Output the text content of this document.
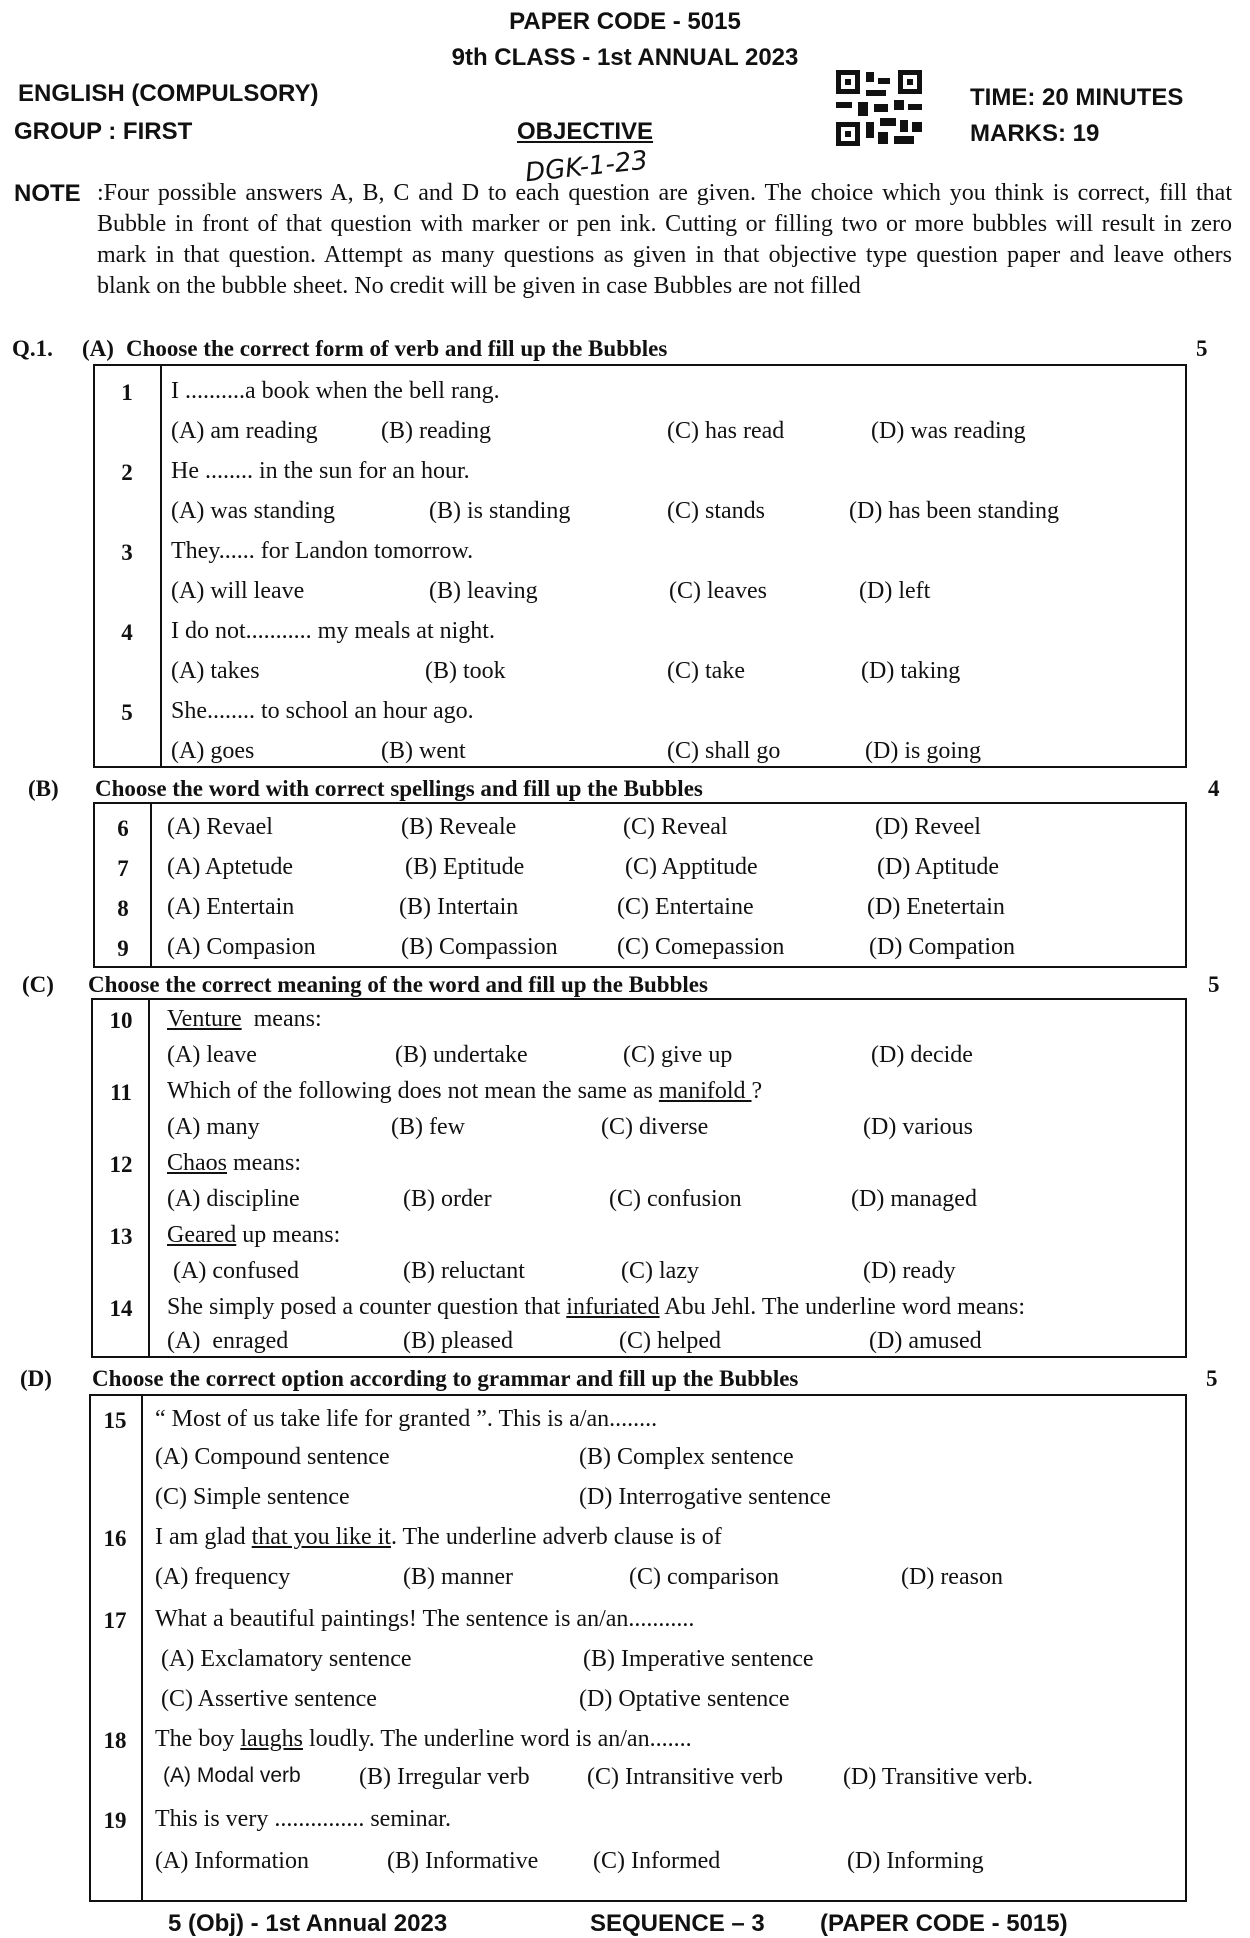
PAPER CODE - 5015
9th CLASS - 1st ANNUAL 2023
ENGLISH (COMPULSORY)
GROUP : FIRST	OBJECTIVE
TIME: 20 MINUTES
MARKS: 19
DGK-1-23
NOTE :Four possible answers A, B, C and D to each question are given. The choice which you think is correct, fill that Bubble in front of that question with marker or pen ink. Cutting or filling two or more bubbles will result in zero mark in that question. Attempt as many questions as given in that objective type question paper and leave others blank on the bubble sheet. No credit will be given in case Bubbles are not filled
Q.1. (A) Choose the correct form of verb and fill up the Bubbles	5
1	I ..........a book when the bell rang.
(A) am reading	(B) reading	(C) has read	(D) was reading
2	He ........ in the sun for an hour.
(A) was standing	(B) is standing	(C) stands	(D) has been standing
3	They...... for Landon tomorrow.
(A) will leave	(B) leaving	(C) leaves	(D) left
4	I do not........... my meals at night.
(A) takes	(B) took	(C) take	(D) taking
5	She........ to school an hour ago.
(A) goes	(B) went	(C) shall go	(D) is going
(B) Choose the word with correct spellings and fill up the Bubbles	4
6	(A) Revael	(B) Reveale	(C) Reveal	(D) Reveel
7	(A) Aptetude	(B) Eptitude	(C) Apptitude	(D) Aptitude
8	(A) Entertain	(B) Intertain	(C) Entertaine	(D) Enetertain
9	(A) Compasion	(B) Compassion (C) Comepassion	(D) Compation
(C) Choose the correct meaning of the word and fill up the Bubbles	5
10 Venture  means:
(A) leave	(B) undertake	(C) give up	(D) decide
11 Which of the following does not mean the same as manifold ?
(A) many	(B) few	(C) diverse	(D) various
12 Chaos means:
(A) discipline	(B) order	(C) confusion	(D) managed
13 Geared up means:
(A) confused	(B) reluctant	(C) lazy	(D) ready
14 She simply posed a counter question that infuriated Abu Jehl. The underline word means:
(A)  enraged	(B) pleased	(C) helped	(D) amused
(D) Choose the correct option according to grammar and fill up the Bubbles	5
15 “ Most of us take life for granted ”. This is a/an........
(A) Compound sentence	(B) Complex sentence
(C) Simple sentence	(D) Interrogative sentence
16 I am glad that you like it. The underline adverb clause is of
(A) frequency	(B) manner	(C) comparison	(D) reason
17 What a beautiful paintings! The sentence is an/an...........
(A) Exclamatory sentence	(B) Imperative sentence
(C) Assertive sentence	(D) Optative sentence
18 The boy laughs loudly. The underline word is an/an.......
(A) Modal verb (B) Irregular verb (C) Intransitive verb	(D) Transitive verb.
19 This is very ............... seminar.
(A) Information	(B) Informative (C) Informed	(D) Informing
5 (Obj) - 1st Annual 2023	SEQUENCE – 3 (PAPER CODE - 5015)
